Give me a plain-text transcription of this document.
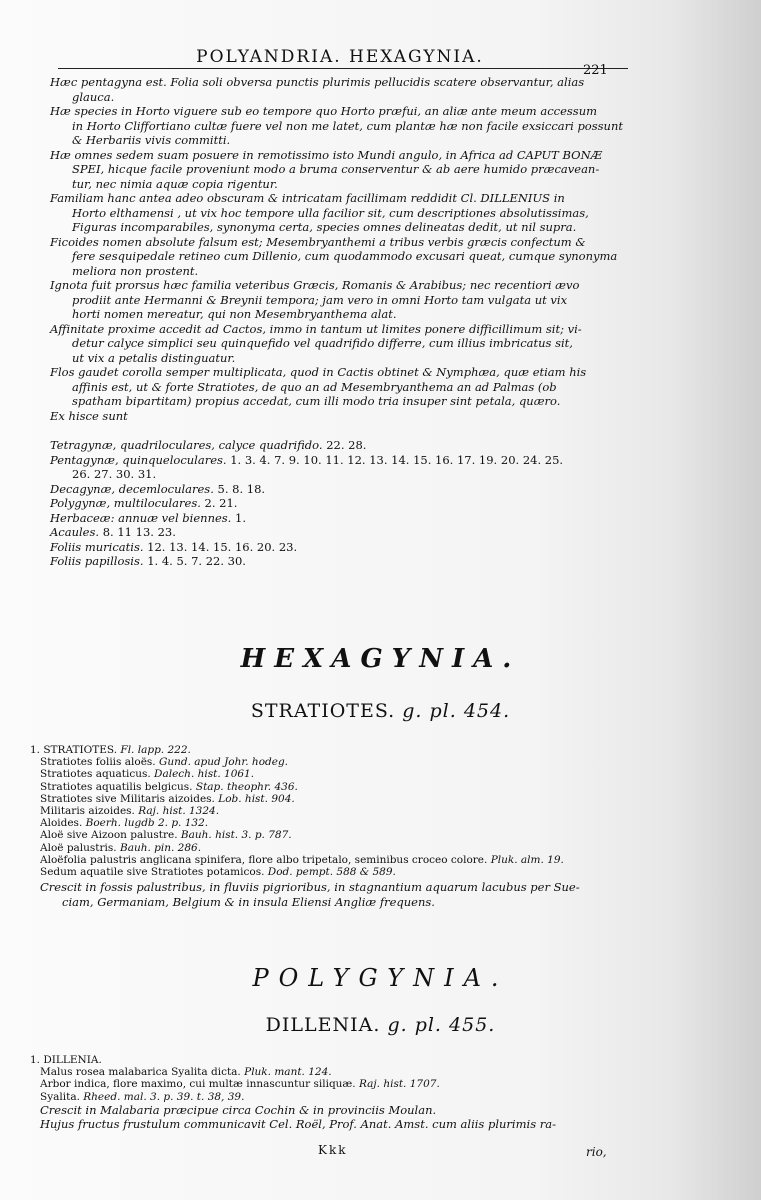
POLYANDRIA. HEXAGYNIA.
221
Hæc pentagyna est. Folia soli obversa punctis plurimis pellucidis scatere observantur, alias
glauca.
Hæ species in Horto viguere sub eo tempore quo Horto præfui, an aliæ ante meum accessum
in Horto Cliffortiano cultæ fuere vel non me latet, cum plantæ hæ non facile exsiccari possunt
& Herbariis vivis committi.
Hæ omnes sedem suam posuere in remotissimo isto Mundi angulo, in Africa ad CAPUT BONÆ
SPEI, hicque facile proveniunt modo a bruma conserventur & ab aere humido præcavean-
tur, nec nimia aquæ copia rigentur.
Familiam hanc antea adeo obscuram & intricatam facillimam reddidit Cl. DILLENIUS in
Horto elthamensi , ut vix hoc tempore ulla facilior sit, cum descriptiones absolutissimas,
Figuras incomparabiles, synonyma certa, species omnes delineatas dedit, ut nil supra.
Ficoides nomen absolute falsum est; Mesembryanthemi a tribus verbis græcis confectum &
fere sesquipedale retineo cum Dillenio, cum quodammodo excusari queat, cumque synonyma
meliora non prostent.
Ignota fuit prorsus hæc familia veteribus Græcis, Romanis & Arabibus; nec recentiori ævo
prodiit ante Hermanni & Breynii tempora; jam vero in omni Horto tam vulgata ut vix
horti nomen mereatur, qui non Mesembryanthema alat.
Affinitate proxime accedit ad Cactos, immo in tantum ut limites ponere difficillimum sit; vi-
detur calyce simplici seu quinquefido vel quadrifido differre, cum illius imbricatus sit,
ut vix a petalis distinguatur.
Flos gaudet corolla semper multiplicata, quod in Cactis obtinet & Nymphæa, quæ etiam his
affinis est, ut & forte Stratiotes, de quo an ad Mesembryanthema an ad Palmas (ob
spatham bipartitam) propius accedat, cum illi modo tria insuper sint petala, quæro.
Ex hisce sunt
Tetragynæ, quadriloculares, calyce quadrifido. 22. 28.
Pentagynæ, quinqueloculares. 1. 3. 4. 7. 9. 10. 11. 12. 13. 14. 15. 16. 17. 19. 20. 24. 25.
26. 27. 30. 31.
Decagynæ, decemloculares. 5. 8. 18.
Polygynæ, multiloculares. 2. 21.
Herbaceæ: annuæ vel biennes. 1.
Acaules. 8. 11 13. 23.
Foliis muricatis. 12. 13. 14. 15. 16. 20. 23.
Foliis papillosis. 1. 4. 5. 7. 22. 30.

HEXAGYNIA.
STRATIOTES. g. pl. 454.
1. STRATIOTES. Fl. lapp. 222.
Stratiotes foliis aloës. Gund. apud Johr. hodeg.
Stratiotes aquaticus. Dalech. hist. 1061.
Stratiotes aquatilis belgicus. Stap. theophr. 436.
Stratiotes sive Militaris aizoides. Lob. hist. 904.
Militaris aizoides. Raj. hist. 1324.
Aloides. Boerh. lugdb 2. p. 132.
Aloë sive Aizoon palustre. Bauh. hist. 3. p. 787.
Aloë palustris. Bauh. pin. 286.
Aloëfolia palustris anglicana spinifera, flore albo tripetalo, seminibus croceo colore. Pluk. alm. 19.
Sedum aquatile sive Stratiotes potamicos. Dod. pempt. 588 & 589.
Crescit in fossis palustribus, in fluviis pigrioribus, in stagnantium aquarum lacubus per Sue-
ciam, Germaniam, Belgium & in insula Eliensi Angliæ frequens.
POLYGYNIA.
DILLENIA. g. pl. 455.
1. DILLENIA.
Malus rosea malabarica Syalita dicta. Pluk. mant. 124.
Arbor indica, flore maximo, cui multæ innascuntur siliquæ. Raj. hist. 1707.
Syalita. Rheed. mal. 3. p. 39. t. 38, 39.
Crescit in Malabaria præcipue circa Cochin & in provinciis Moulan.
Hujus fructus frustulum communicavit Cel. Roël, Prof. Anat. Amst. cum aliis plurimis ra-
Kkk	rio,
